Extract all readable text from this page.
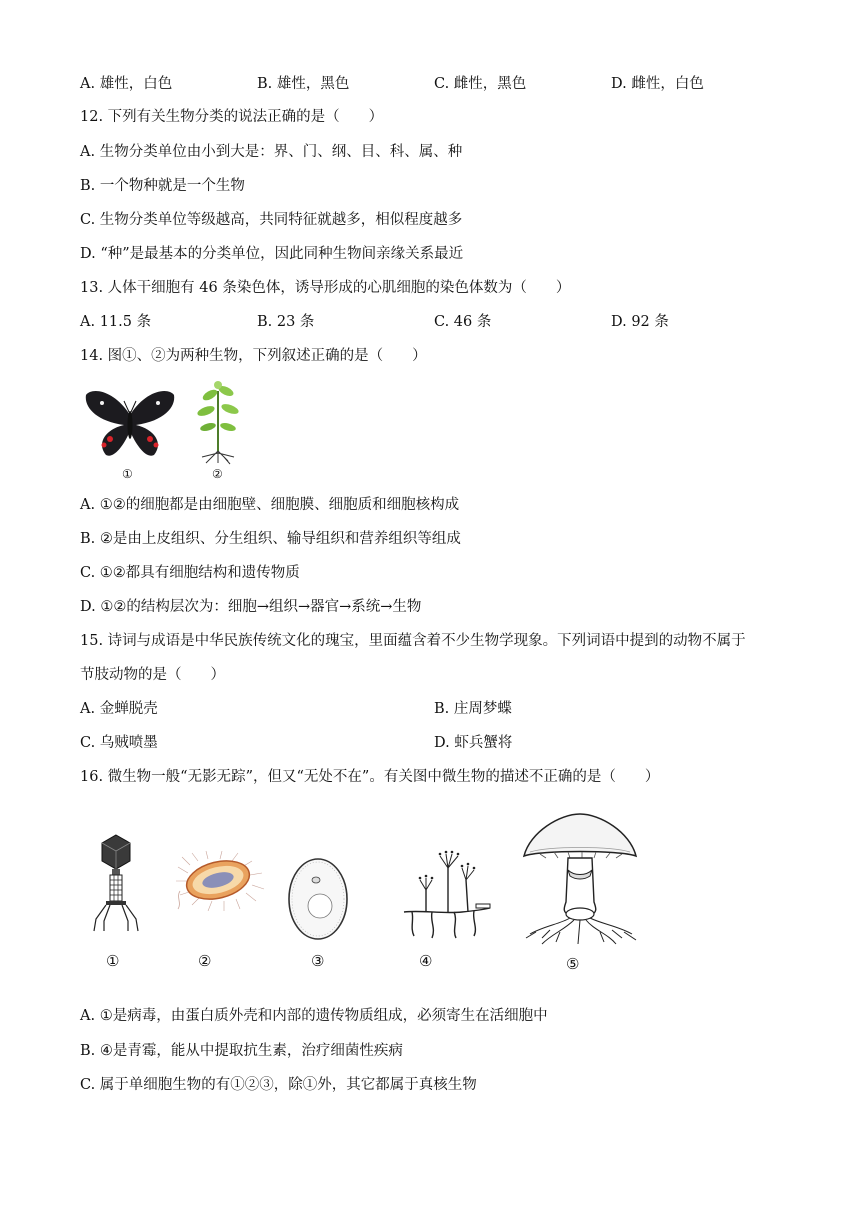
A. 雄性，白色	B. 雄性，黑色	C. 雌性，黑色	D. 雌性，白色
12. 下列有关生物分类的说法正确的是（　　）
A. 生物分类单位由小到大是：界、门、纲、目、科、属、种
B. 一个物种就是一个生物
C. 生物分类单位等级越高，共同特征就越多，相似程度越多
D. “种”是最基本的分类单位，因此同种生物间亲缘关系最近
13. 人体干细胞有 46 条染色体，诱导形成的心肌细胞的染色体数为（　　）
A. 11.5 条	B. 23 条	C. 46 条	D. 92 条
14. 图①、②为两种生物，下列叙述正确的是（　　）
①	②
A. ①②的细胞都是由细胞壁、细胞膜、细胞质和细胞核构成
B. ②是由上皮组织、分生组织、输导组织和营养组织等组成
C. ①②都具有细胞结构和遗传物质
D. ①②的结构层次为：细胞→组织→器官→系统→生物
15. 诗词与成语是中华民族传统文化的瑰宝，里面蕴含着不少生物学现象。下列词语中提到的动物不属于
节肢动物的是（　　）
A. 金蝉脱壳	B. 庄周梦蝶
C. 乌贼喷墨	D. 虾兵蟹将
16. 微生物一般“无影无踪”，但又“无处不在”。有关图中微生物的描述不正确的是（　　）
①	②	③	④	⑤
A. ①是病毒，由蛋白质外壳和内部的遗传物质组成，必须寄生在活细胞中
B. ④是青霉，能从中提取抗生素，治疗细菌性疾病
C. 属于单细胞生物的有①②③，除①外，其它都属于真核生物
